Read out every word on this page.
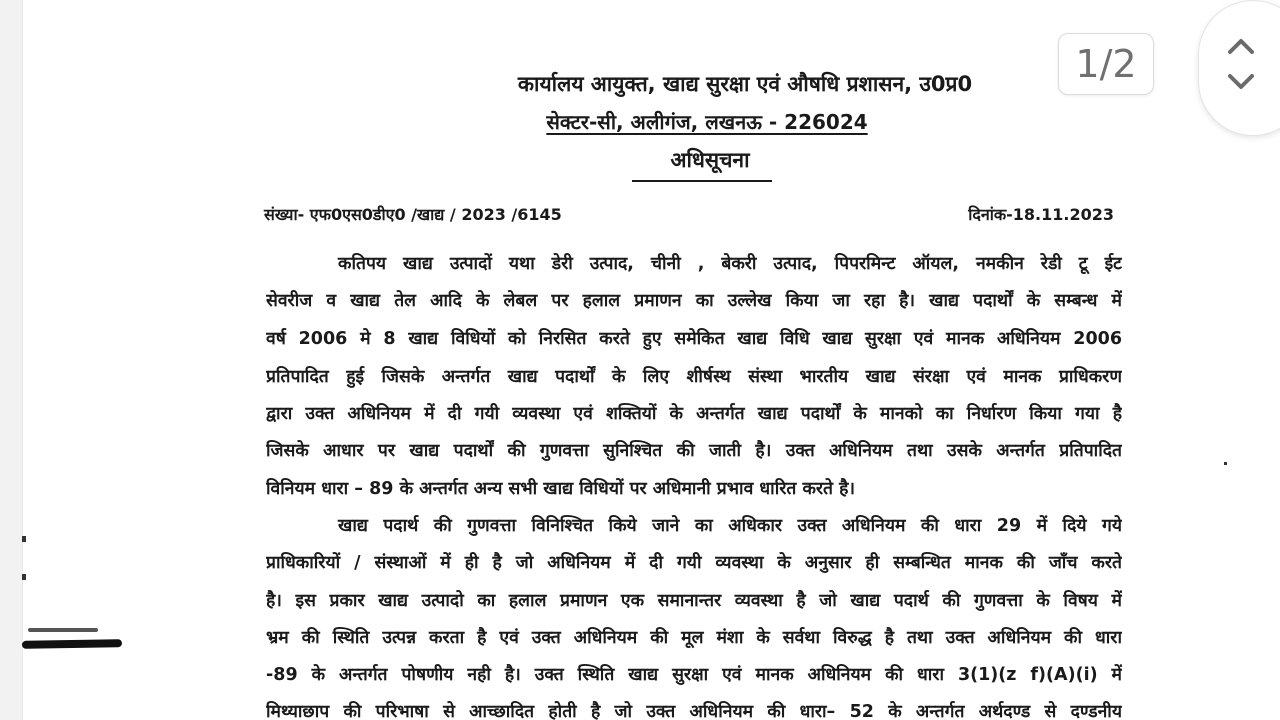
कार्यालय आयुक्त, खाद्य सुरक्षा एवं औषधि प्रशासन, उ0प्र0
सेक्टर-सी, अलीगंज, लखनऊ - 226024
अधिसूचना
संख्या- एफ0एस0डीए0 /खाद्य / 2023 /6145	दिनांक-18.11.2023
कतिपय खाद्य उत्पादों यथा डेरी उत्पाद, चीनी , बेकरी उत्पाद, पिपरमिन्ट ऑयल, नमकीन रेडी टू ईट
सेवरीज व खाद्य तेल आदि के लेबल पर हलाल प्रमाणन का उल्लेख किया जा रहा है। खाद्य पदार्थों के सम्बन्ध में
वर्ष 2006 मे 8 खाद्य विधियों को निरसित करते हुए समेकित खाद्य विधि खाद्य सुरक्षा एवं मानक अधिनियम 2006
प्रतिपादित हुई जिसके अन्तर्गत खाद्य पदार्थों के लिए शीर्षस्थ संस्था भारतीय खाद्य संरक्षा एवं मानक प्राधिकरण
द्वारा उक्त अधिनियम में दी गयी व्यवस्था एवं शक्तियों के अन्तर्गत खाद्य पदार्थों के मानको का निर्धारण किया गया है
जिसके आधार पर खाद्य पदार्थों की गुणवत्ता सुनिश्चित की जाती है। उक्त अधिनियम तथा उसके अन्तर्गत प्रतिपादित
विनियम धारा – 89 के अन्तर्गत अन्य सभी खाद्य विधियों पर अधिमानी प्रभाव धारित करते है।
खाद्य पदार्थ की गुणवत्ता विनिश्चित किये जाने का अधिकार उक्त अधिनियम की धारा 29 में दिये गये
प्राधिकारियों / संस्थाओं में ही है जो अधिनियम में दी गयी व्यवस्था के अनुसार ही सम्बन्धित मानक की जाँच करते
है। इस प्रकार खाद्य उत्पादो का हलाल प्रमाणन एक समानान्तर व्यवस्था है जो खाद्य पदार्थ की गुणवत्ता के विषय में
भ्रम की स्थिति उत्पन्न करता है एवं उक्त अधिनियम की मूल मंशा के सर्वथा विरुद्ध है तथा उक्त अधिनियम की धारा
-89 के अन्तर्गत पोषणीय नही है। उक्त स्थिति खाद्य सुरक्षा एवं मानक अधिनियम की धारा 3(1)(z f)(A)(i) में
मिथ्याछाप की परिभाषा से आच्छादित होती है जो उक्त अधिनियम की धारा– 52 के अन्तर्गत अर्थदण्ड से दण्डनीय
1/2
